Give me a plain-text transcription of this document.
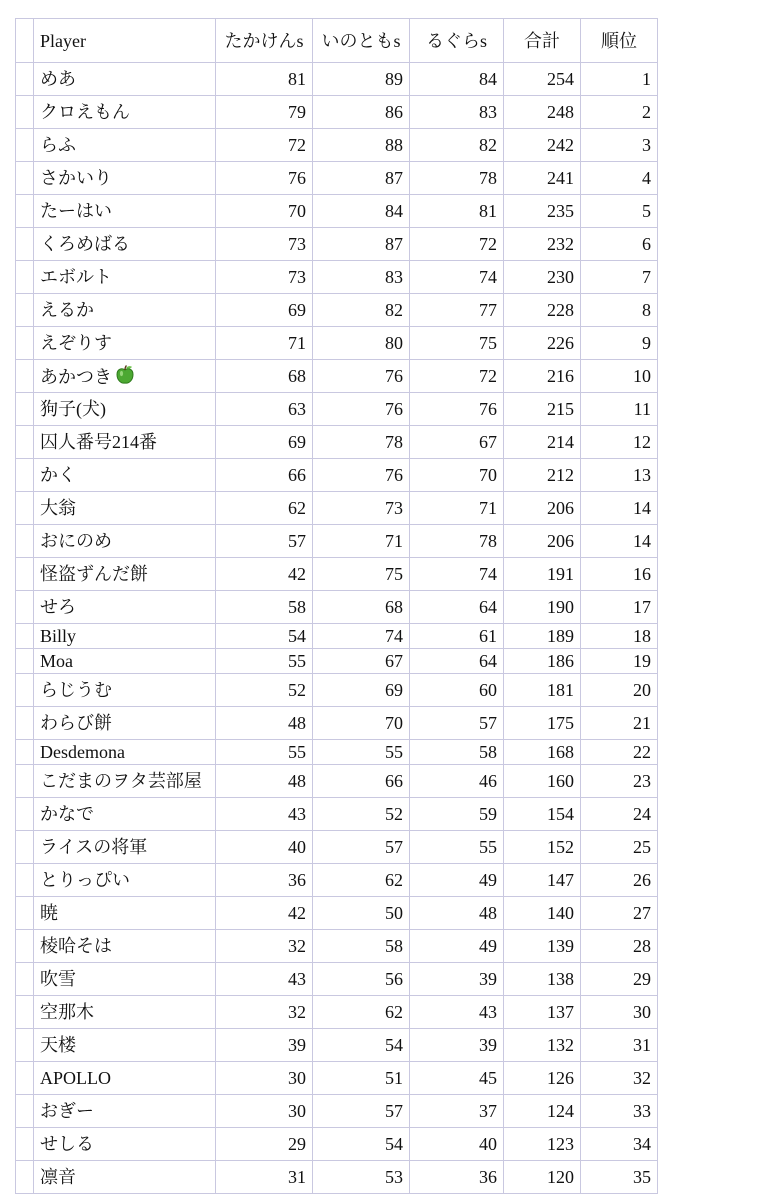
	Player	たかけんs	いのともs	るぐらs	合計	順位
	めあ	81	89	84	254	1
	クロえもん	79	86	83	248	2
	らふ	72	88	82	242	3
	さかいり	76	87	78	241	4
	たーはい	70	84	81	235	5
	くろめばる	73	87	72	232	6
	エボルト	73	83	74	230	7
	えるか	69	82	77	228	8
	えぞりす	71	80	75	226	9
	あかつき	68	76	72	216	10
	狗子(犬)	63	76	76	215	11
	囚人番号214番	69	78	67	214	12
	かく	66	76	70	212	13
	大翁	62	73	71	206	14
	おにのめ	57	71	78	206	14
	怪盗ずんだ餅	42	75	74	191	16
	せろ	58	68	64	190	17
	Billy	54	74	61	189	18
	Moa	55	67	64	186	19
	らじうむ	52	69	60	181	20
	わらび餅	48	70	57	175	21
	Desdemona	55	55	58	168	22
	こだまのヲタ芸部屋	48	66	46	160	23
	かなで	43	52	59	154	24
	ライスの将軍	40	57	55	152	25
	とりっぴい	36	62	49	147	26
	暁	42	50	48	140	27
	棱哈そは	32	58	49	139	28
	吹雪	43	56	39	138	29
	空那木	32	62	43	137	30
	天楼	39	54	39	132	31
	APOLLO	30	51	45	126	32
	おぎー	30	57	37	124	33
	せしる	29	54	40	123	34
	凛音	31	53	36	120	35
